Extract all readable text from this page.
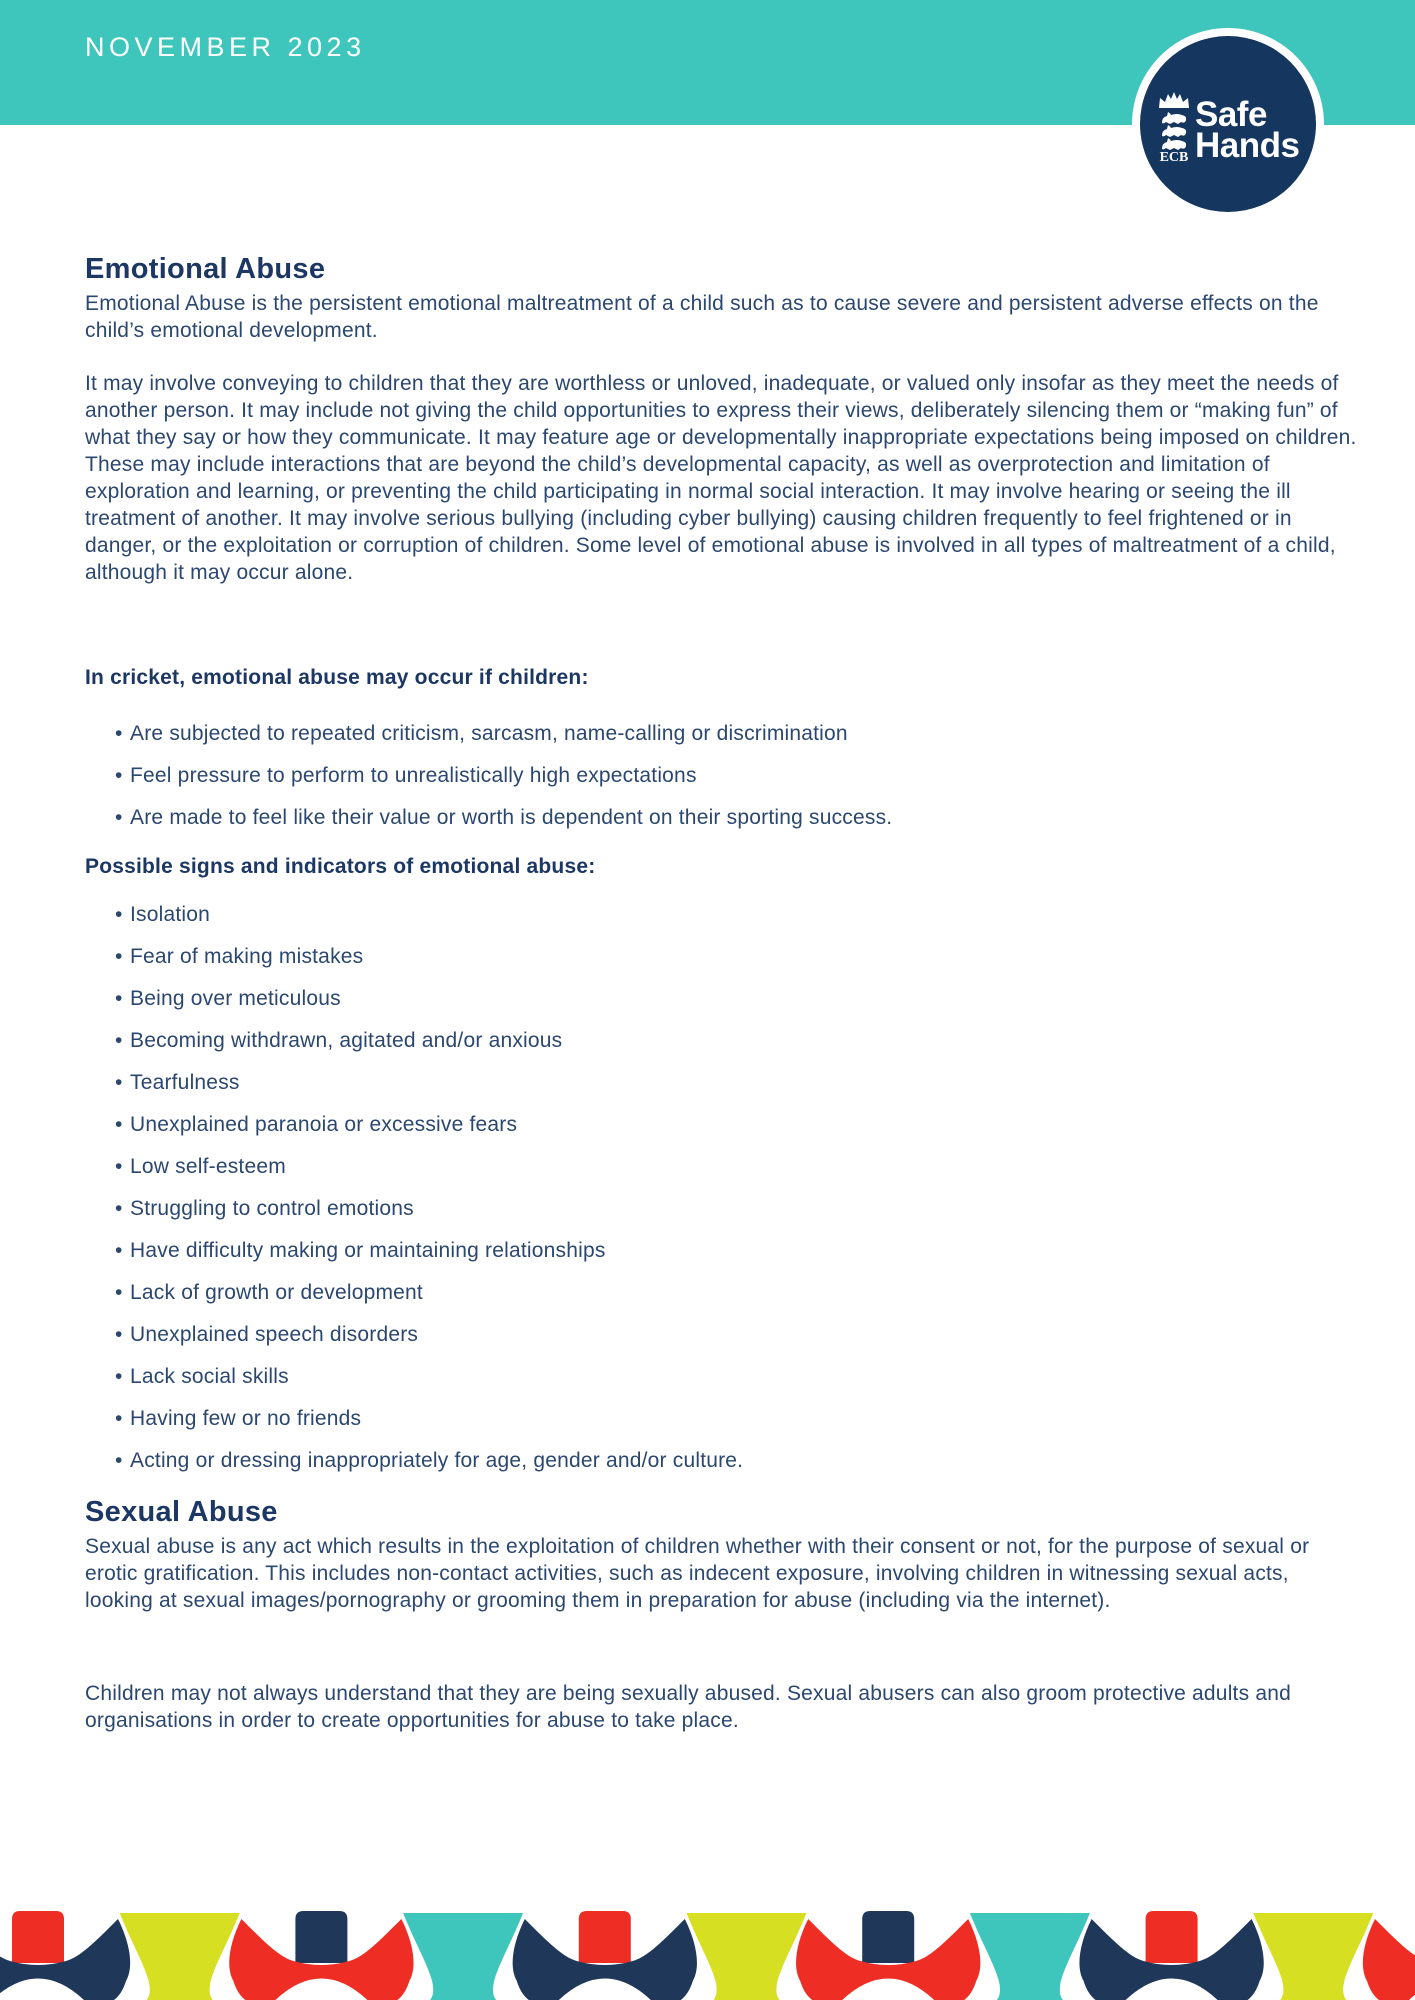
NOVEMBER 2023
ECB
Safe
Hands
Emotional Abuse

Emotional Abuse is the persistent emotional maltreatment of a child such as to cause severe and persistent adverse effects on the child’s emotional development.

It may involve conveying to children that they are worthless or unloved, inadequate, or valued only insofar as they meet the needs of another person. It may include not giving the child opportunities to express their views, deliberately silencing them or “making fun” of what they say or how they communicate. It may feature age or developmentally inappropriate expectations being imposed on children. These may include interactions that are beyond the child’s developmental capacity, as well as overprotection and limitation of exploration and learning, or preventing the child participating in normal social interaction. It may involve hearing or seeing the ill treatment of another. It may involve serious bullying (including cyber bullying) causing children frequently to feel frightened or in danger, or the exploitation or corruption of children. Some level of emotional abuse is involved in all types of maltreatment of a child, although it may occur alone.

In cricket, emotional abuse may occur if children:
• Are subjected to repeated criticism, sarcasm, name-calling or discrimination
• Feel pressure to perform to unrealistically high expectations
• Are made to feel like their value or worth is dependent on their sporting success.
Possible signs and indicators of emotional abuse:
• Isolation
• Fear of making mistakes
• Being over meticulous
• Becoming withdrawn, agitated and/or anxious
• Tearfulness
• Unexplained paranoia or excessive fears
• Low self-esteem
• Struggling to control emotions
• Have difficulty making or maintaining relationships
• Lack of growth or development
• Unexplained speech disorders
• Lack social skills
• Having few or no friends
• Acting or dressing inappropriately for age, gender and/or culture.
Sexual Abuse

Sexual abuse is any act which results in the exploitation of children whether with their consent or not, for the purpose of sexual or erotic gratification. This includes non-contact activities, such as indecent exposure, involving children in witnessing sexual acts, looking at sexual images/pornography or grooming them in preparation for abuse (including via the internet).

Children may not always understand that they are being sexually abused. Sexual abusers can also groom protective adults and organisations in order to create opportunities for abuse to take place.
